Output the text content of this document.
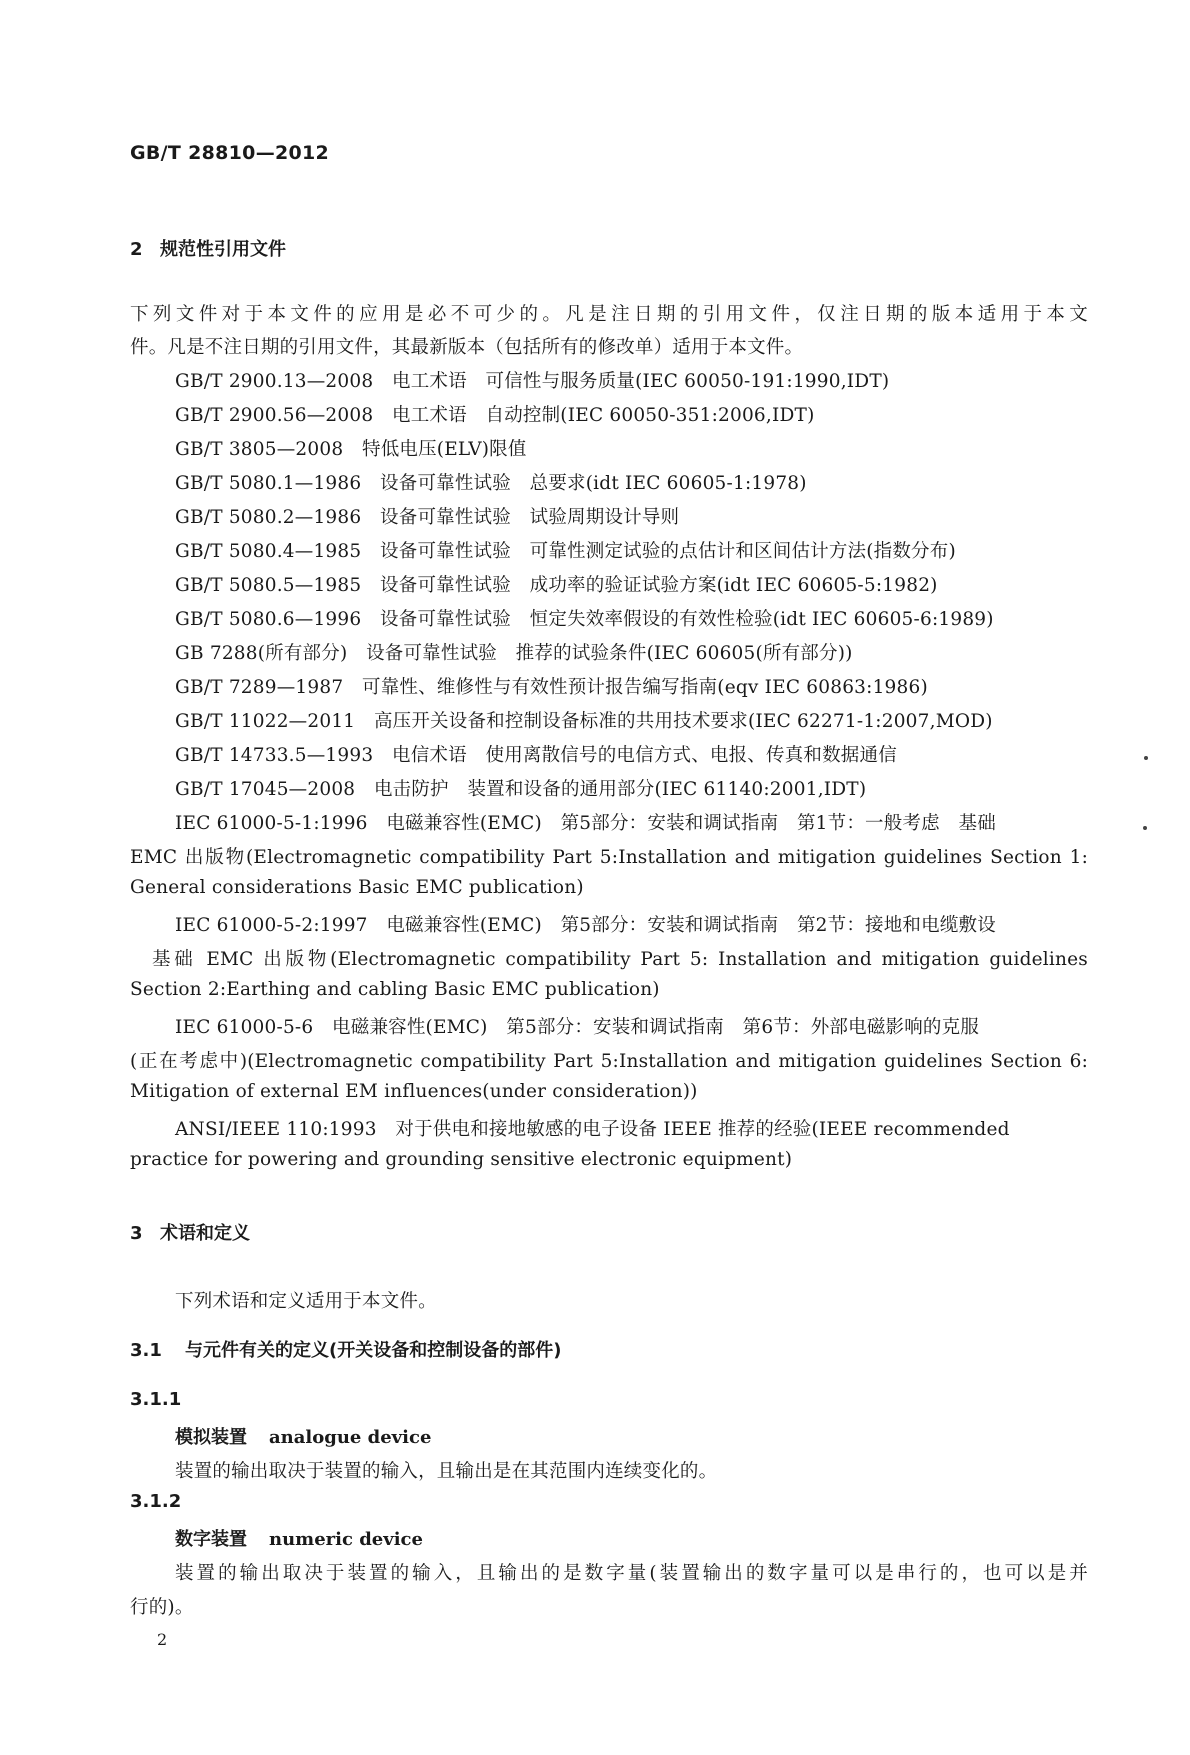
GB/T 28810—2012
2 规范性引用文件
下列文件对于本文件的应用是必不可少的。凡是注日期的引用文件，仅注日期的版本适用于本文
件。凡是不注日期的引用文件，其最新版本（包括所有的修改单）适用于本文件。
GB/T 2900.13—2008　电工术语　可信性与服务质量(IEC 60050-191:1990,IDT)
GB/T 2900.56—2008　电工术语　自动控制(IEC 60050-351:2006,IDT)
GB/T 3805—2008　特低电压(ELV)限值
GB/T 5080.1—1986　设备可靠性试验　总要求(idt IEC 60605-1:1978)
GB/T 5080.2—1986　设备可靠性试验　试验周期设计导则
GB/T 5080.4—1985　设备可靠性试验　可靠性测定试验的点估计和区间估计方法(指数分布)
GB/T 5080.5—1985　设备可靠性试验　成功率的验证试验方案(idt IEC 60605-5:1982)
GB/T 5080.6—1996　设备可靠性试验　恒定失效率假设的有效性检验(idt IEC 60605-6:1989)
GB 7288(所有部分)　设备可靠性试验　推荐的试验条件(IEC 60605(所有部分))
GB/T 7289—1987　可靠性、维修性与有效性预计报告编写指南(eqv IEC 60863:1986)
GB/T 11022—2011　高压开关设备和控制设备标准的共用技术要求(IEC 62271-1:2007,MOD)
GB/T 14733.5—1993　电信术语　使用离散信号的电信方式、电报、传真和数据通信
GB/T 17045—2008　电击防护　装置和设备的通用部分(IEC 61140:2001,IDT)
IEC 61000-5-1:1996　电磁兼容性(EMC)　第5部分：安装和调试指南　第1节：一般考虑　基础
EMC 出版物(Electromagnetic compatibility Part 5:Installation and mitigation guidelines Section 1:
General considerations Basic EMC publication)
IEC 61000-5-2:1997　电磁兼容性(EMC)　第5部分：安装和调试指南　第2节：接地和电缆敷设
基础 EMC 出版物(Electromagnetic compatibility Part 5: Installation and mitigation guidelines
Section 2:Earthing and cabling Basic EMC publication)
IEC 61000-5-6　电磁兼容性(EMC)　第5部分：安装和调试指南　第6节：外部电磁影响的克服
(正在考虑中)(Electromagnetic compatibility Part 5:Installation and mitigation guidelines Section 6:
Mitigation of external EM influences(under consideration))
ANSI/IEEE 110:1993　对于供电和接地敏感的电子设备 IEEE 推荐的经验(IEEE recommended
practice for powering and grounding sensitive electronic equipment)
3 术语和定义
下列术语和定义适用于本文件。
3.1 与元件有关的定义(开关设备和控制设备的部件)
3.1.1
模拟装置 analogue device
装置的输出取决于装置的输入，且输出是在其范围内连续变化的。
3.1.2
数字装置 numeric device
装置的输出取决于装置的输入，且输出的是数字量(装置输出的数字量可以是串行的，也可以是并
行的)。
2
